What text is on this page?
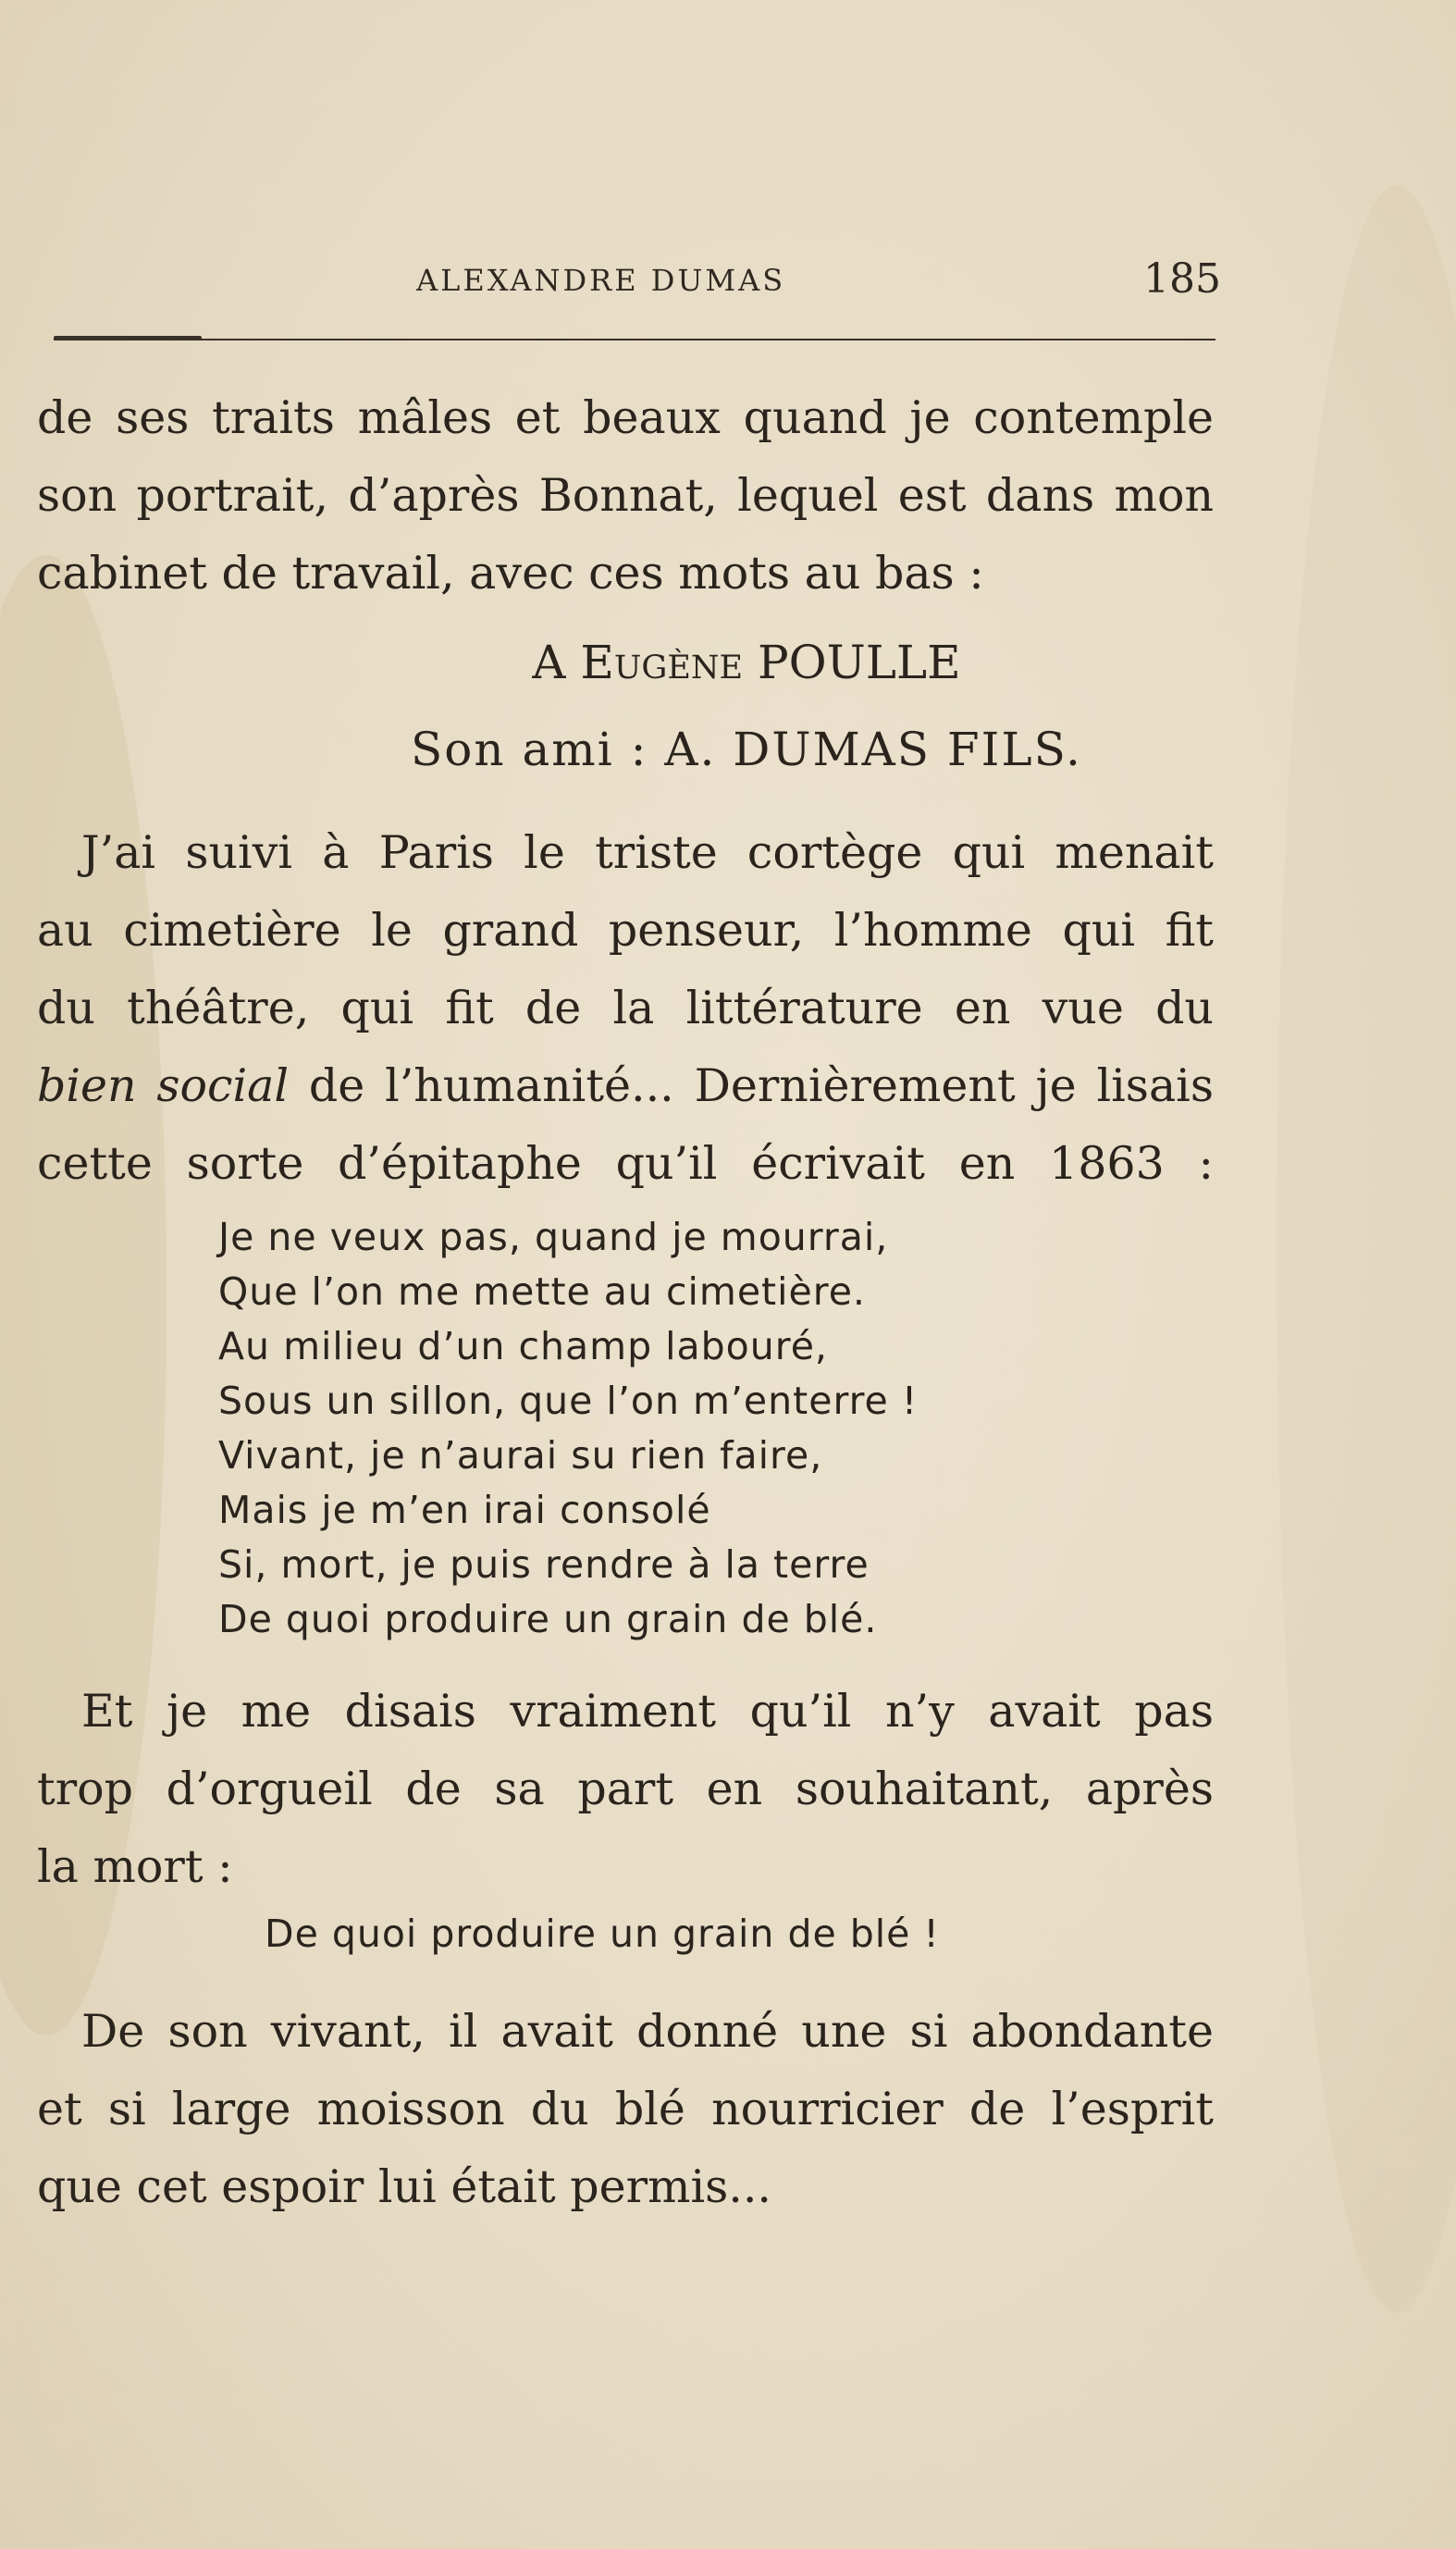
ALEXANDRE DUMAS	185
de ses traits mâles et beaux quand je contemple
son portrait, d’après Bonnat, lequel est dans mon
cabinet de travail, avec ces mots au bas :
A Eugène POULLE
Son ami : A. DUMAS FILS.
J’ai suivi à Paris le triste cortège qui menait
au cimetière le grand penseur, l’homme qui fit
du théâtre, qui fit de la littérature en vue du
bien social de l’humanité... Dernièrement je lisais
cette sorte d’épitaphe qu’il écrivait en 1863 :
Je ne veux pas, quand je mourrai,
Que l’on me mette au cimetière.
Au milieu d’un champ labouré,
Sous un sillon, que l’on m’enterre !
Vivant, je n’aurai su rien faire,
Mais je m’en irai consolé
Si, mort, je puis rendre à la terre
De quoi produire un grain de blé.
Et je me disais vraiment qu’il n’y avait pas
trop d’orgueil de sa part en souhaitant, après
la mort :
De quoi produire un grain de blé !
De son vivant, il avait donné une si abondante
et si large moisson du blé nourricier de l’esprit
que cet espoir lui était permis...
